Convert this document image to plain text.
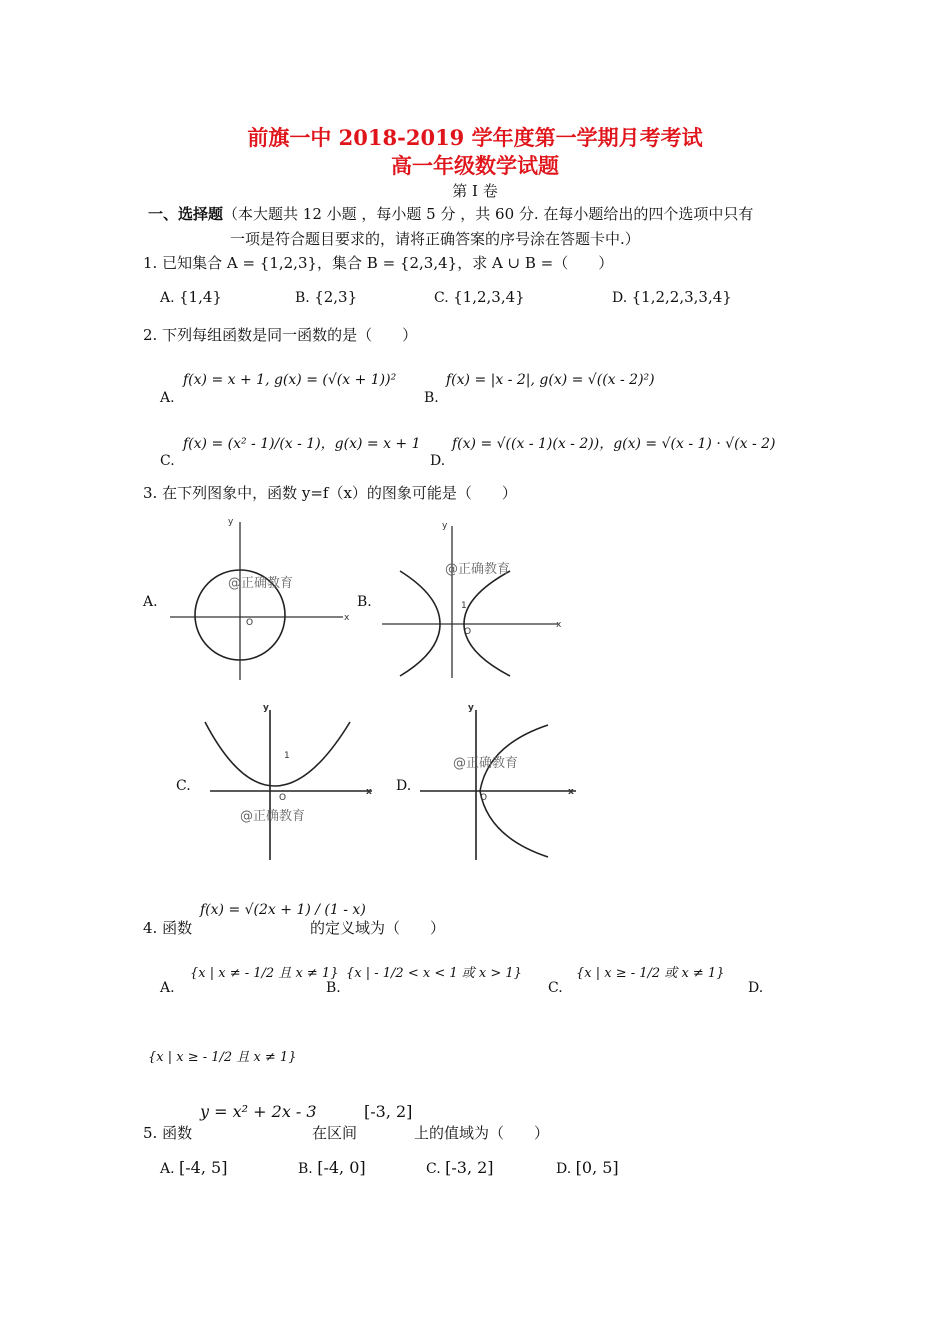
前旗一中 2018-2019 学年度第一学期月考考试
高一年级数学试题
第 I 卷
一、选择题（本大题共 12 小题 ，每小题 5 分 ，共 60 分. 在每小题给出的四个选项中只有
一项是符合题目要求的，请将正确答案的序号涂在答题卡中.）
1. 已知集合 A = {1,2,3}，集合 B = {2,3,4}，求 A ∪ B =（　　）
A. {1,4}	B. {2,3}	C. {1,2,3,4}	D. {1,2,2,3,3,4}
2. 下列每组函数是同一函数的是（　　）
A.
f(x) = x + 1, g(x) = (√(x + 1))²
B.
f(x) = |x - 2|, g(x) = √((x - 2)²)
C.
f(x) = (x² - 1)/(x - 1)，g(x) = x + 1
D.
f(x) = √((x - 1)(x - 2))，g(x) = √(x - 1) · √(x - 2)
3. 在下列图象中，函数 y=f（x）的图象可能是（　　）
A.
x
y
O
@正确教育
B.
x
y
1
O
@正确教育
C.	x
y
1
O
@正确教育
D.	x
y
O
@正确教育
4. 函数
f(x) = √(2x + 1) / (1 - x)
的定义域为（　　）
A.
{x | x ≠ - 1/2 且 x ≠ 1}
B.
{x | - 1/2 < x < 1 或 x > 1}
C.
{x | x ≥ - 1/2 或 x ≠ 1}
D.
{x | x ≥ - 1/2 且 x ≠ 1}
5. 函数
y = x² + 2x - 3
在区间
[-3, 2]
上的值域为（　　）
A. [-4, 5]	B. [-4, 0]	C. [-3, 2]	D. [0, 5]
